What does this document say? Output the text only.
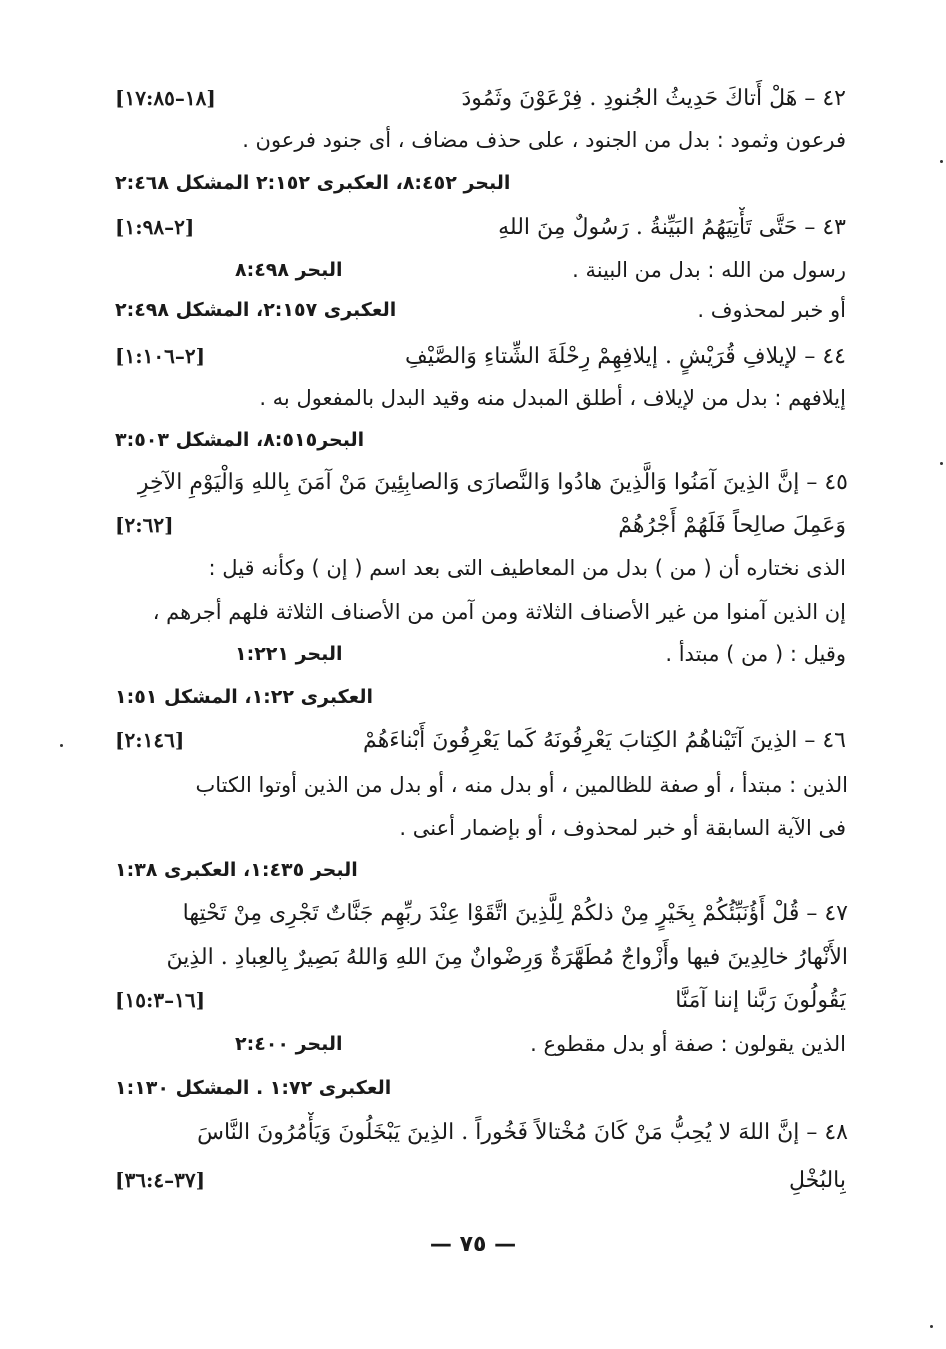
٤٢ – هَلْ أَتاكَ حَدِيثُ الجُنودِ . فِرْعَوْنَ وثَمُودَ
[١٨–١٧:٨٥]
فرعون وثمود : بدل من الجنود ، على حذف مضاف ، أى جنود فرعون .
البحر ٨:٤٥٢، العكبرى ٢:١٥٢ المشكل ٢:٤٦٨
٤٣ – حَتَّى تَأْتِيَهُمُ البَيِّنةُ . رَسُولٌ مِنَ اللهِ
[٢–١:٩٨]
رسول من الله : بدل من البينة .
البحر ٨:٤٩٨
أو خبر لمحذوف .
العكبرى ٢:١٥٧، المشكل ٢:٤٩٨
٤٤ – لإيلافِ قُرَيْشٍ . إيلافِهِمْ رِحْلَةَ الشِّتاءِ وَالصَّيْفِ
[٢–١:١٠٦]
إيلافهم : بدل من لإيلاف ، أطلق المبدل منه وقيد البدل بالمفعول به .
البحر٨:٥١٥، المشكل ٣:٥٠٣
٤٥ – إنَّ الذِينَ آمَنُوا وَالَّذِينَ هادُوا وَالنَّصارَى وَالصابِئِينَ مَنْ آمَنَ بِاللهِ وَالْيَوْمِ الآخِرِ
وَعَمِلَ صالِحاً فَلَهُمْ أَجْرُهُمْ
[٢:٦٢]
الذى نختاره أن ( من ) بدل من المعاطيف التى بعد اسم ( إن ) وكأنه قيل :
إن الذين آمنوا من غير الأصناف الثلاثة ومن آمن من الأصناف الثلاثة فلهم أجرهم ،
وقيل : ( من ) مبتدأ .
البحر ١:٢٢١
العكبرى ١:٢٢، المشكل ١:٥١
٤٦ – الذِينَ آتَيْناهُمُ الكِتابَ يَعْرِفُونَهُ كَما يَعْرِفُونَ أَبْناءَهُمْ
[٢:١٤٦]
الذين : مبتدأ ، أو صفة للظالمين ، أو بدل منه ، أو بدل من الذين أوتوا الكتاب
فى الآية السابقة أو خبر لمحذوف ، أو بإضمار أعنى .
البحر ١:٤٣٥، العكبرى ١:٣٨
٤٧ – قُلْ أَؤُنَبِّئُكُمْ بِخَيْرٍ مِنْ ذلكُمْ لِلَّذِينَ اتَّقَوْا عِنْدَ ربِّهِم جَنَّاتٌ تَجْرِى مِنْ تَحْتِها
الأَنْهارُ خالِدِينَ فيها وأَزْواجٌ مُطَهَّرَةٌ وَرِضْوانٌ مِنَ اللهِ وَاللهُ بَصِيرٌ بِالعِبادِ . الذِينَ
يَقُولُونَ رَبَّنا إننا آمَنَّا
[١٦–١٥:٣]
الذين يقولون : صفة أو بدل مقطوع .
البحر ٢:٤٠٠
العكبرى ١:٧٢ . المشكل ١:١٣٠
٤٨ – إنَّ اللهَ لا يُحِبُّ مَنْ كَانَ مُخْتالاً فَخُوراً . الذِينَ يَبْخَلُونَ وَيَأْمُرُونَ النَّاسَ
بِالبُخْلِ
[٣٧–٣٦:٤]
— ٧٥ —
